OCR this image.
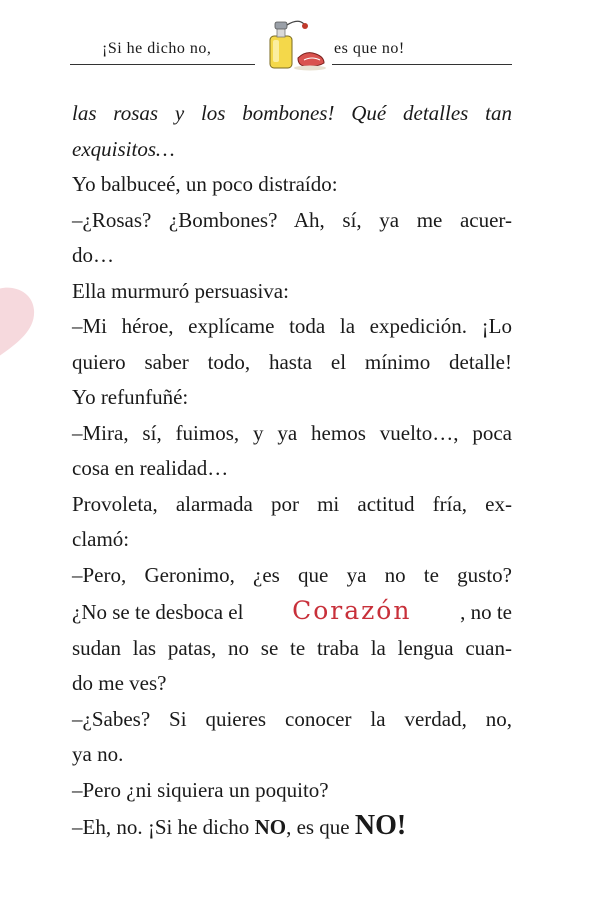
¡Si he dicho no,	es que no!
las rosas y los bombones! Qué detalles tan
exquisitos…
Yo balbuceé, un poco distraído:
–¿Rosas? ¿Bombones? Ah, sí, ya me acuer-
do…
Ella murmuró persuasiva:
–Mi héroe, explícame toda la expedición. ¡Lo
quiero saber todo, hasta el mínimo detalle!
Yo refunfuñé:
–Mira, sí, fuimos, y ya hemos vuelto…, poca
cosa en realidad…
Provoleta, alarmada por mi actitud fría, ex-
clamó:
–Pero, Geronimo, ¿es que ya no te gusto?
¿No se te desboca el Corazón , no te
sudan las patas, no se te traba la lengua cuan-
do me ves?
–¿Sabes? Si quieres conocer la verdad, no,
ya no.
–Pero ¿ni siquiera un poquito?
–Eh, no. ¡Si he dicho NO, es que NO!
